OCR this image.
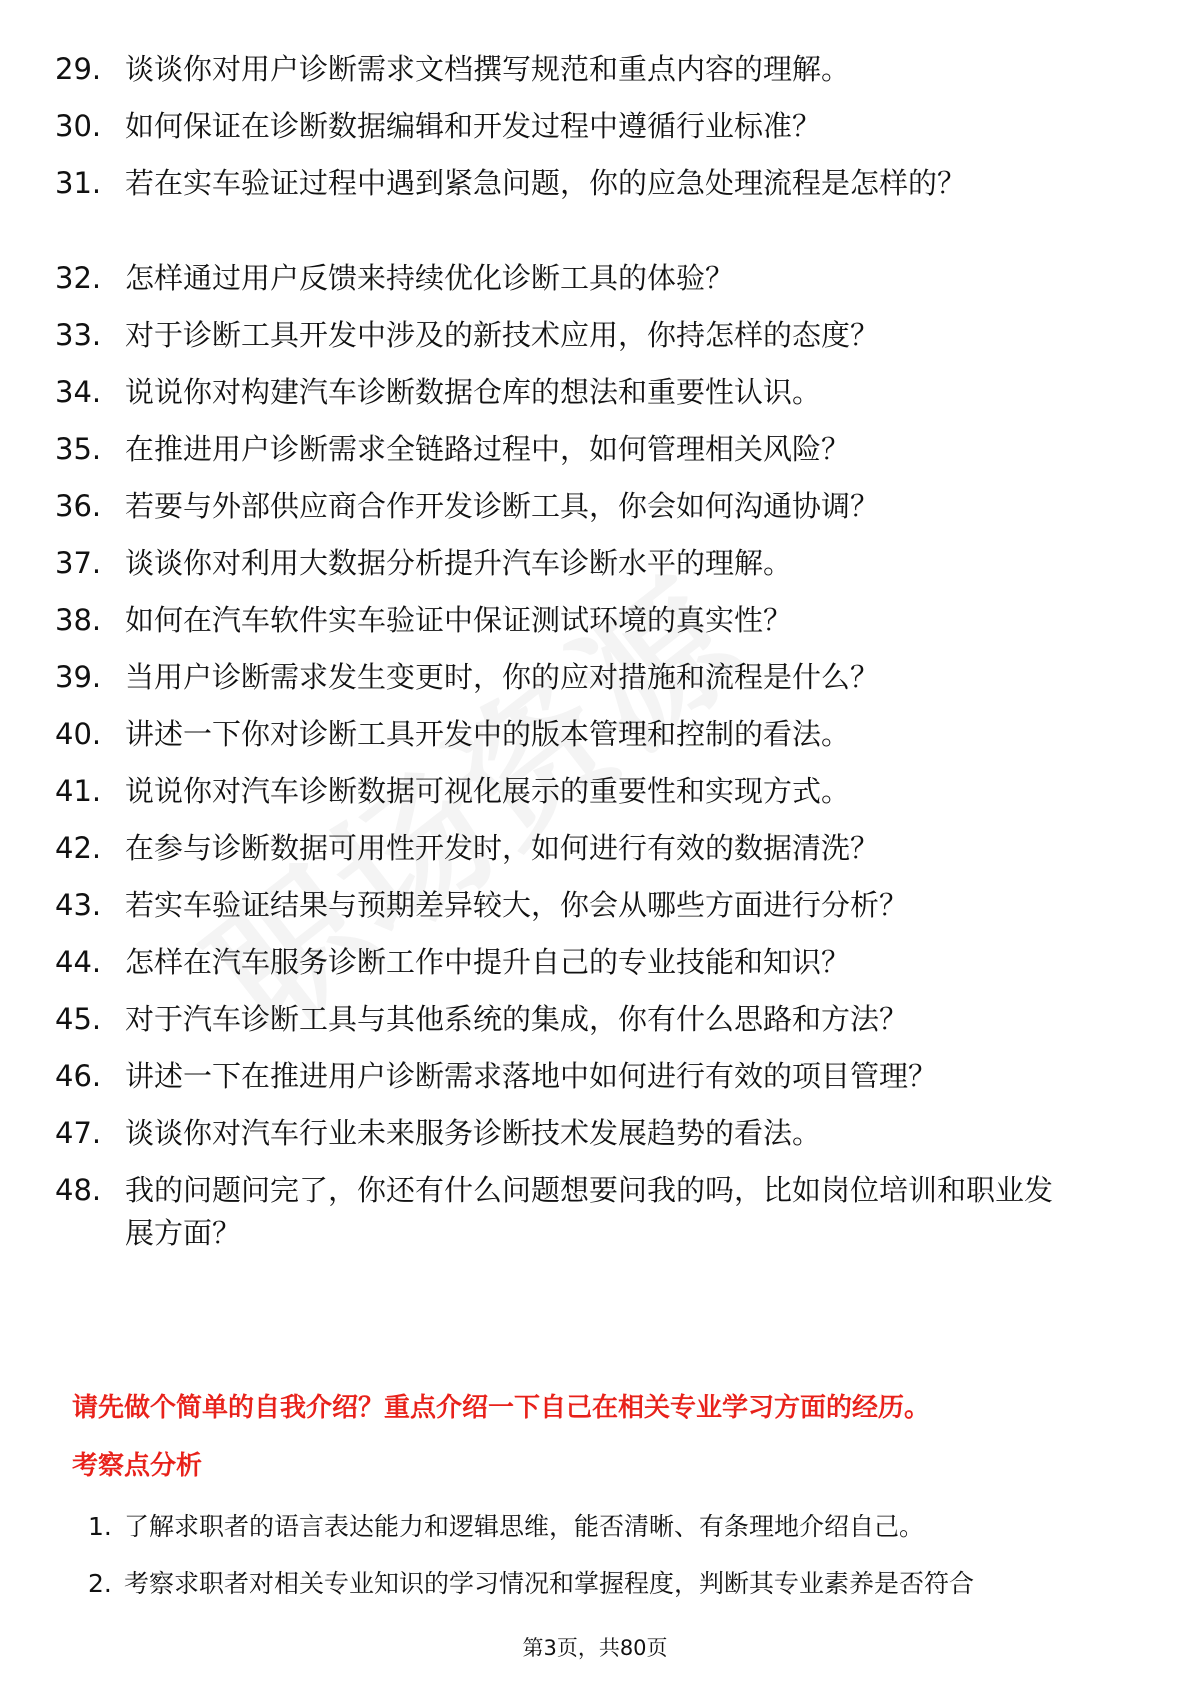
29. 谈谈你对用户诊断需求文档撰写规范和重点内容的理解。
30. 如何保证在诊断数据编辑和开发过程中遵循行业标准？
31. 若在实车验证过程中遇到紧急问题，你的应急处理流程是怎样的？
32. 怎样通过用户反馈来持续优化诊断工具的体验？
33. 对于诊断工具开发中涉及的新技术应用，你持怎样的态度？
34. 说说你对构建汽车诊断数据仓库的想法和重要性认识。
35. 在推进用户诊断需求全链路过程中，如何管理相关风险？
36. 若要与外部供应商合作开发诊断工具，你会如何沟通协调？
37. 谈谈你对利用大数据分析提升汽车诊断水平的理解。
38. 如何在汽车软件实车验证中保证测试环境的真实性？
39. 当用户诊断需求发生变更时，你的应对措施和流程是什么？
40. 讲述一下你对诊断工具开发中的版本管理和控制的看法。
41. 说说你对汽车诊断数据可视化展示的重要性和实现方式。
42. 在参与诊断数据可用性开发时，如何进行有效的数据清洗？
43. 若实车验证结果与预期差异较大，你会从哪些方面进行分析？
44. 怎样在汽车服务诊断工作中提升自己的专业技能和知识？
45. 对于汽车诊断工具与其他系统的集成，你有什么思路和方法？
46. 讲述一下在推进用户诊断需求落地中如何进行有效的项目管理？
47. 谈谈你对汽车行业未来服务诊断技术发展趋势的看法。
48. 我的问题问完了，你还有什么问题想要问我的吗，比如岗位培训和职业发展方面？
请先做个简单的自我介绍？重点介绍一下自己在相关专业学习方面的经历。
考察点分析
1. 了解求职者的语言表达能力和逻辑思维，能否清晰、有条理地介绍自己。
2. 考察求职者对相关专业知识的学习情况和掌握程度，判断其专业素养是否符合
第3页，共80页
